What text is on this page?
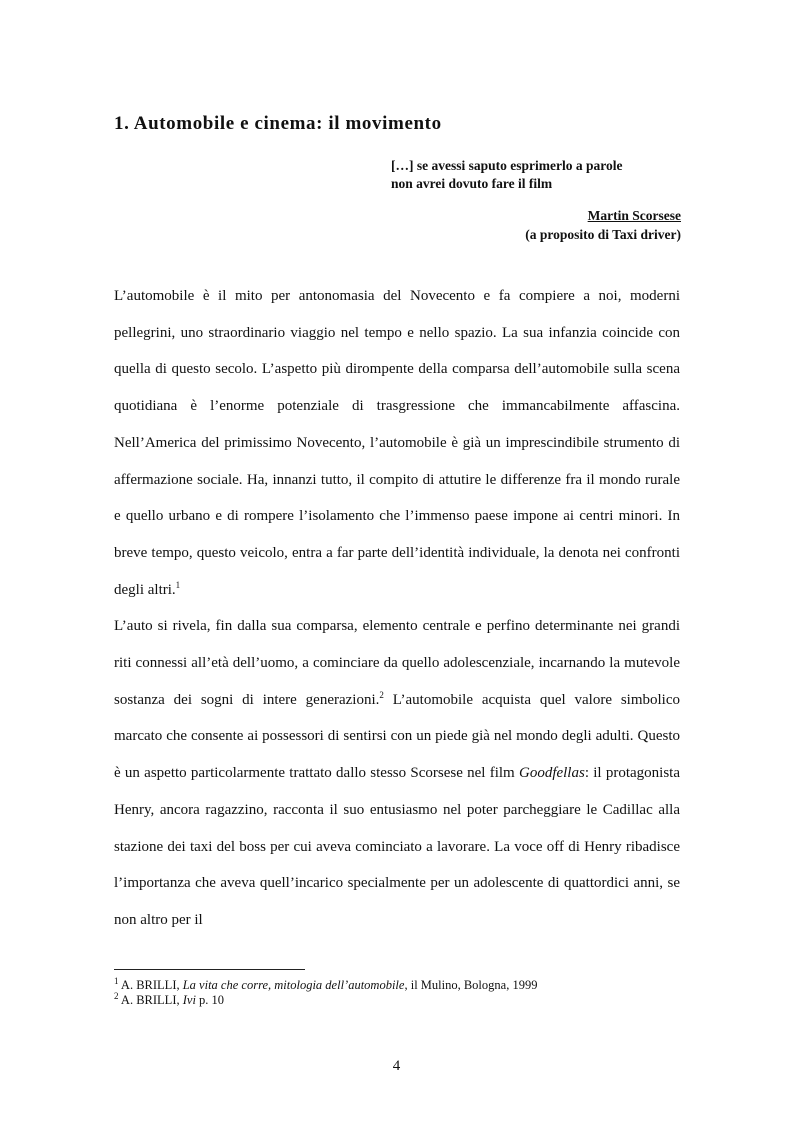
1. Automobile e cinema: il movimento
[…] se avessi saputo esprimerlo a parole
non avrei dovuto fare il film
Martin Scorsese
(a proposito di Taxi driver)

L’automobile è il mito per antonomasia del Novecento e fa compiere a noi, moderni pellegrini, uno straordinario viaggio nel tempo e nello spazio. La sua infanzia coincide con quella di questo secolo. L’aspetto più dirompente della comparsa dell’automobile sulla scena quotidiana è l’enorme potenziale di trasgressione che immancabilmente affascina. Nell’America del primissimo Novecento, l’automobile è già un imprescindibile strumento di affermazione sociale. Ha, innanzi tutto, il compito di attutire le differenze fra il mondo rurale e quello urbano e di rompere l’isolamento che l’immenso paese impone ai centri minori. In breve tempo, questo veicolo, entra a far parte dell’identità individuale, la denota nei confronti degli altri.$^1$

L’auto si rivela, fin dalla sua comparsa, elemento centrale e perfino determinante nei grandi riti connessi all’età dell’uomo, a cominciare da quello adolescenziale, incarnando la mutevole sostanza dei sogni di intere generazioni.$^2$ L’automobile acquista quel valore simbolico marcato che consente ai possessori di sentirsi con un piede già nel mondo degli adulti. Questo è un aspetto particolarmente trattato dallo stesso Scorsese nel film Goodfellas: il protagonista Henry, ancora ragazzino, racconta il suo entusiasmo nel poter parcheggiare le Cadillac alla stazione dei taxi del boss per cui aveva cominciato a lavorare. La voce off di Henry ribadisce l’importanza che aveva quell’incarico specialmente per un adolescente di quattordici anni, se non altro per il

$^1$ A. BRILLI, La vita che corre, mitologia dell’automobile, il Mulino, Bologna, 1999
$^2$ A. BRILLI, Ivi p. 10
4
